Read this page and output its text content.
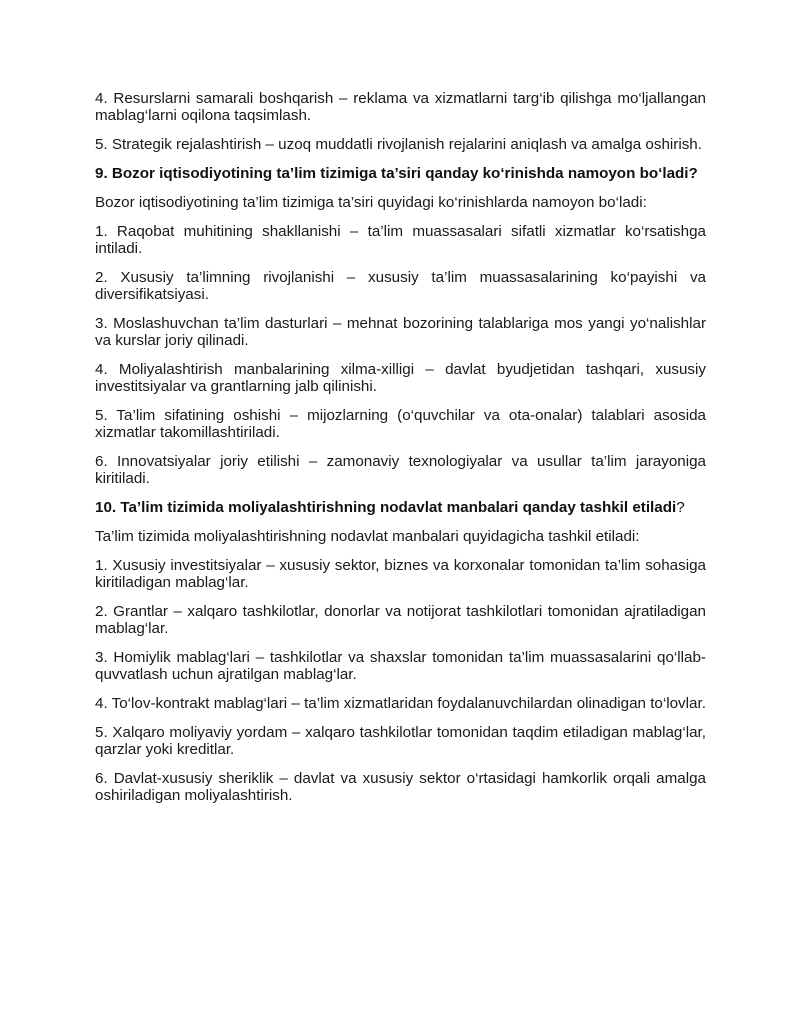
4. Resurslarni samarali boshqarish – reklama va xizmatlarni targ‘ib qilishga mo‘ljallangan mablag‘larni oqilona taqsimlash.

5. Strategik rejalashtirish – uzoq muddatli rivojlanish rejalarini aniqlash va amalga oshirish.

9. Bozor iqtisodiyotining ta’lim tizimiga ta’siri qanday ko‘rinishda namoyon bo‘ladi?

Bozor iqtisodiyotining ta’lim tizimiga ta’siri quyidagi ko‘rinishlarda namoyon bo‘ladi:

1. Raqobat muhitining shakllanishi – ta’lim muassasalari sifatli xizmatlar ko‘rsatishga intiladi.

2. Xususiy ta’limning rivojlanishi – xususiy ta’lim muassasalarining ko‘payishi va diversifikatsiyasi.

3. Moslashuvchan ta’lim dasturlari – mehnat bozorining talablariga mos yangi yo‘nalishlar va kurslar joriy qilinadi.

4. Moliyalashtirish manbalarining xilma-xilligi – davlat byudjetidan tashqari, xususiy investitsiyalar va grantlarning jalb qilinishi.

5. Ta’lim sifatining oshishi – mijozlarning (o‘quvchilar va ota-onalar) talablari asosida xizmatlar takomillashtiriladi.

6. Innovatsiyalar joriy etilishi – zamonaviy texnologiyalar va usullar ta’lim jarayoniga kiritiladi.

10. Ta’lim tizimida moliyalashtirishning nodavlat manbalari qanday tashkil etiladi?

Ta’lim tizimida moliyalashtirishning nodavlat manbalari quyidagicha tashkil etiladi:

1. Xususiy investitsiyalar – xususiy sektor, biznes va korxonalar tomonidan ta’lim sohasiga kiritiladigan mablag‘lar.

2. Grantlar – xalqaro tashkilotlar, donorlar va notijorat tashkilotlari tomonidan ajratiladigan mablag‘lar.

3. Homiylik mablag‘lari – tashkilotlar va shaxslar tomonidan ta’lim muassasalarini qo‘llab-quvvatlash uchun ajratilgan mablag‘lar.

4. To‘lov-kontrakt mablag‘lari – ta’lim xizmatlaridan foydalanuvchilardan olinadigan to‘lovlar.

5. Xalqaro moliyaviy yordam – xalqaro tashkilotlar tomonidan taqdim etiladigan mablag‘lar, qarzlar yoki kreditlar.

6. Davlat-xususiy sheriklik – davlat va xususiy sektor o‘rtasidagi hamkorlik orqali amalga oshiriladigan moliyalashtirish.
